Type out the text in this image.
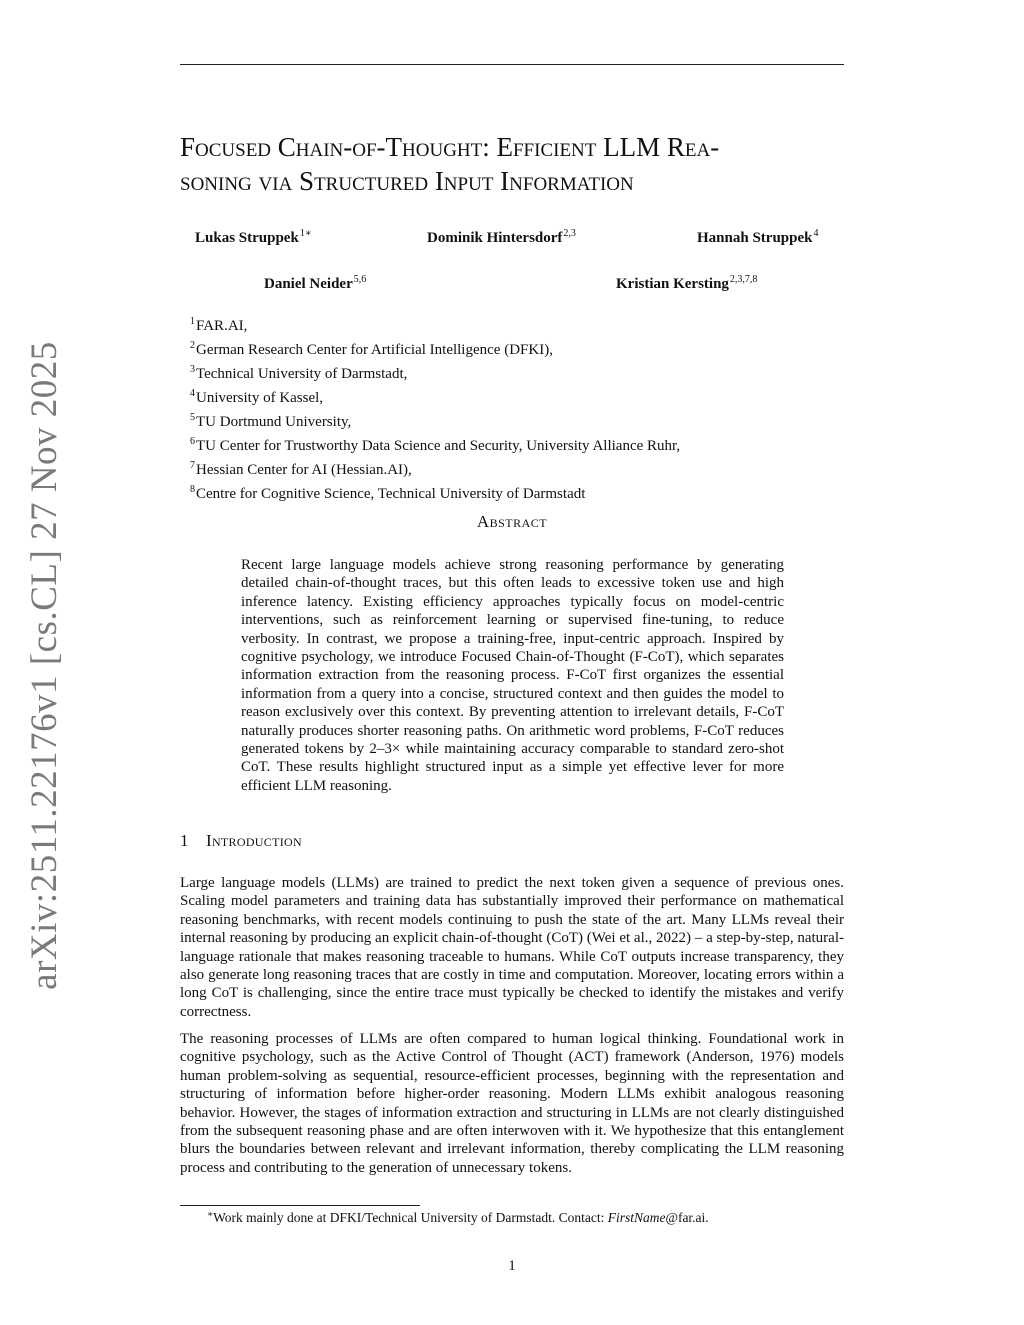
arXiv:2511.22176v1 [cs.CL] 27 Nov 2025
Focused Chain-of-Thought: Efficient LLM Rea-
soning via Structured Input Information
Lukas Struppek$^{1∗}$	Dominik Hintersdorf$^{2,3}$	Hannah Struppek$^4$
Daniel Neider$^{5,6}$	Kristian Kersting$^{2,3,7,8}$
$^1$FAR.AI,
$^2$German Research Center for Artificial Intelligence (DFKI),
$^3$Technical University of Darmstadt,
$^4$University of Kassel,
$^5$TU Dortmund University,
$^6$TU Center for Trustworthy Data Science and Security, University Alliance Ruhr,
$^7$Hessian Center for AI (Hessian.AI),
$^8$Centre for Cognitive Science, Technical University of Darmstadt
Abstract
Recent large language models achieve strong reasoning performance by generating detailed chain-of-thought traces, but this often leads to excessive token use and high inference latency. Existing efficiency approaches typically focus on model-centric interventions, such as reinforcement learning or supervised fine-tuning, to reduce verbosity. In contrast, we propose a training-free, input-centric approach. Inspired by cognitive psychology, we introduce Focused Chain-of-Thought (F-CoT), which separates information extraction from the reasoning process. F-CoT first organizes the essential information from a query into a concise, structured context and then guides the model to reason exclusively over this context. By preventing attention to irrelevant details, F-CoT naturally produces shorter reasoning paths. On arithmetic word problems, F-CoT reduces generated tokens by 2–3× while maintaining accuracy comparable to standard zero-shot CoT. These results highlight structured input as a simple yet effective lever for more efficient LLM reasoning.
1 Introduction
Large language models (LLMs) are trained to predict the next token given a sequence of previous ones. Scaling model parameters and training data has substantially improved their performance on mathematical reasoning benchmarks, with recent models continuing to push the state of the art. Many LLMs reveal their internal reasoning by producing an explicit chain-of-thought (CoT) (Wei et al., 2022) – a step-by-step, natural-language rationale that makes reasoning traceable to humans. While CoT outputs increase transparency, they also generate long reasoning traces that are costly in time and computation. Moreover, locating errors within a long CoT is challenging, since the entire trace must typically be checked to identify the mistakes and verify correctness.
The reasoning processes of LLMs are often compared to human logical thinking. Foundational work in cognitive psychology, such as the Active Control of Thought (ACT) framework (Anderson, 1976) models human problem-solving as sequential, resource-efficient processes, beginning with the representation and structuring of information before higher-order reasoning. Modern LLMs exhibit analogous reasoning behavior. However, the stages of information extraction and structuring in LLMs are not clearly distinguished from the subsequent reasoning phase and are often interwoven with it. We hypothesize that this entanglement blurs the boundaries between relevant and irrelevant information, thereby complicating the LLM reasoning process and contributing to the generation of unnecessary tokens.
∗Work mainly done at DFKI/Technical University of Darmstadt. Contact: FirstName@far.ai.
1
